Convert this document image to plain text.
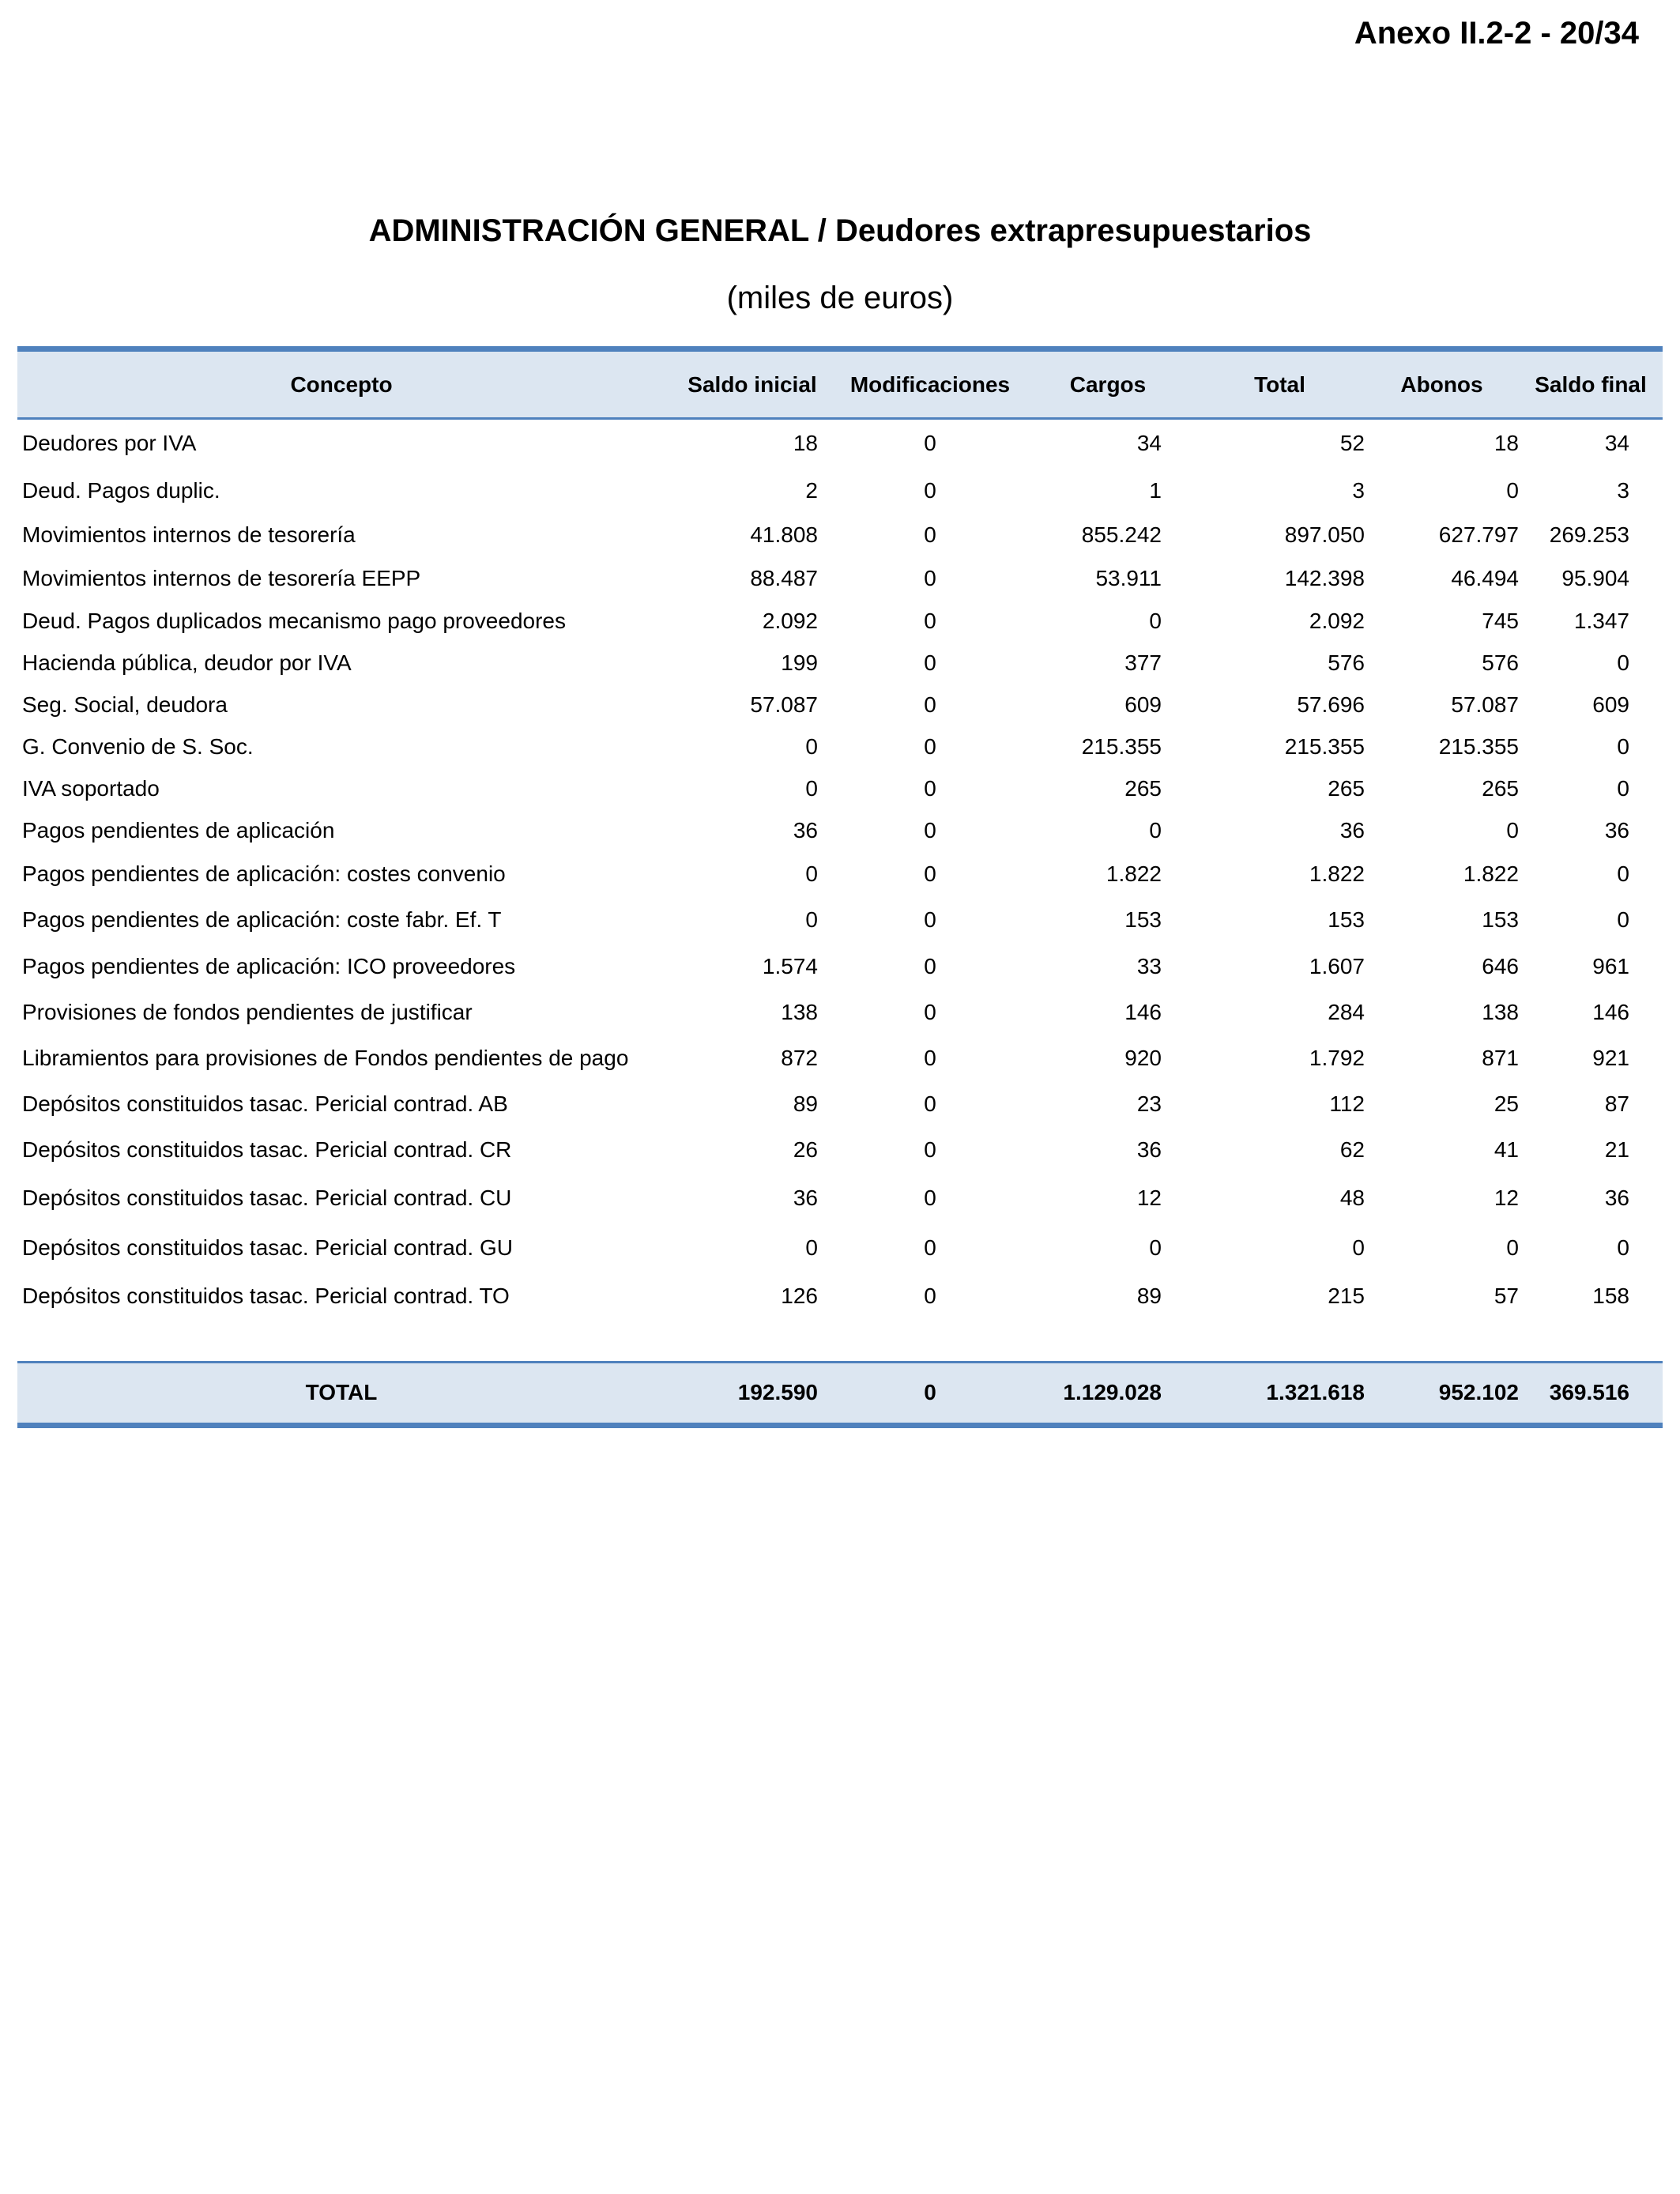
Anexo II.2-2 - 20/34
ADMINISTRACIÓN GENERAL / Deudores extrapresupuestarios

(miles de euros)

Concepto	Saldo inicial	Modificaciones	Cargos	Total	Abonos	Saldo final
Deudores por IVA	18	0	34	52	18	34
Deud. Pagos duplic.	2	0	1	3	0	3
Movimientos internos de tesorería	41.808	0	855.242	897.050	627.797	269.253
Movimientos internos de tesorería EEPP	88.487	0	53.911	142.398	46.494	95.904
Deud. Pagos duplicados mecanismo pago proveedores	2.092	0	0	2.092	745	1.347
Hacienda pública, deudor por IVA	199	0	377	576	576	0
Seg. Social, deudora	57.087	0	609	57.696	57.087	609
G. Convenio de S. Soc.	0	0	215.355	215.355	215.355	0
IVA soportado	0	0	265	265	265	0
Pagos pendientes de aplicación	36	0	0	36	0	36
Pagos pendientes de aplicación: costes convenio	0	0	1.822	1.822	1.822	0
Pagos pendientes de aplicación: coste fabr. Ef. T	0	0	153	153	153	0
Pagos pendientes de aplicación: ICO proveedores	1.574	0	33	1.607	646	961
Provisiones de fondos pendientes de justificar	138	0	146	284	138	146
Libramientos para provisiones de Fondos pendientes de pago	872	0	920	1.792	871	921
Depósitos constituidos tasac. Pericial contrad. AB	89	0	23	112	25	87
Depósitos constituidos tasac. Pericial contrad. CR	26	0	36	62	41	21
Depósitos constituidos tasac. Pericial contrad. CU	36	0	12	48	12	36
Depósitos constituidos tasac. Pericial contrad. GU	0	0	0	0	0	0
Depósitos constituidos tasac. Pericial contrad. TO	126	0	89	215	57	158

TOTAL	192.590	0	1.129.028	1.321.618	952.102	369.516
